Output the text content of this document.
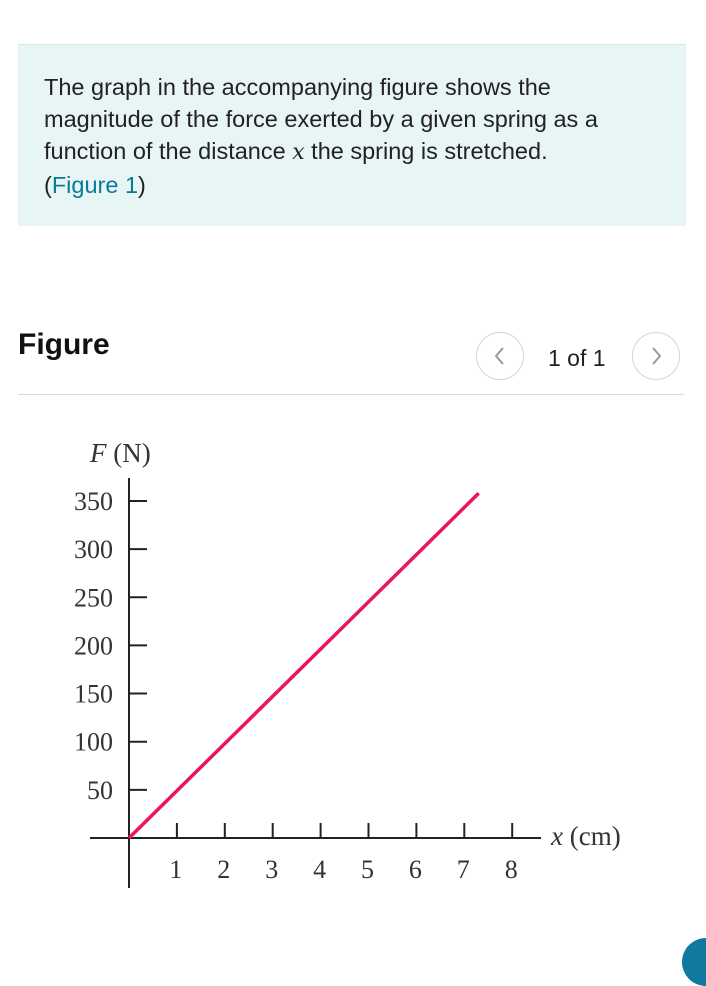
The graph in the accompanying figure shows the magnitude of the force exerted by a given spring as a function of the distance x the spring is stretched.
(Figure 1)

Figure	1 of 1
50
100
150
200
250
300
350
1 2 3 4 5 6 7 8
F (N)
x (cm)
